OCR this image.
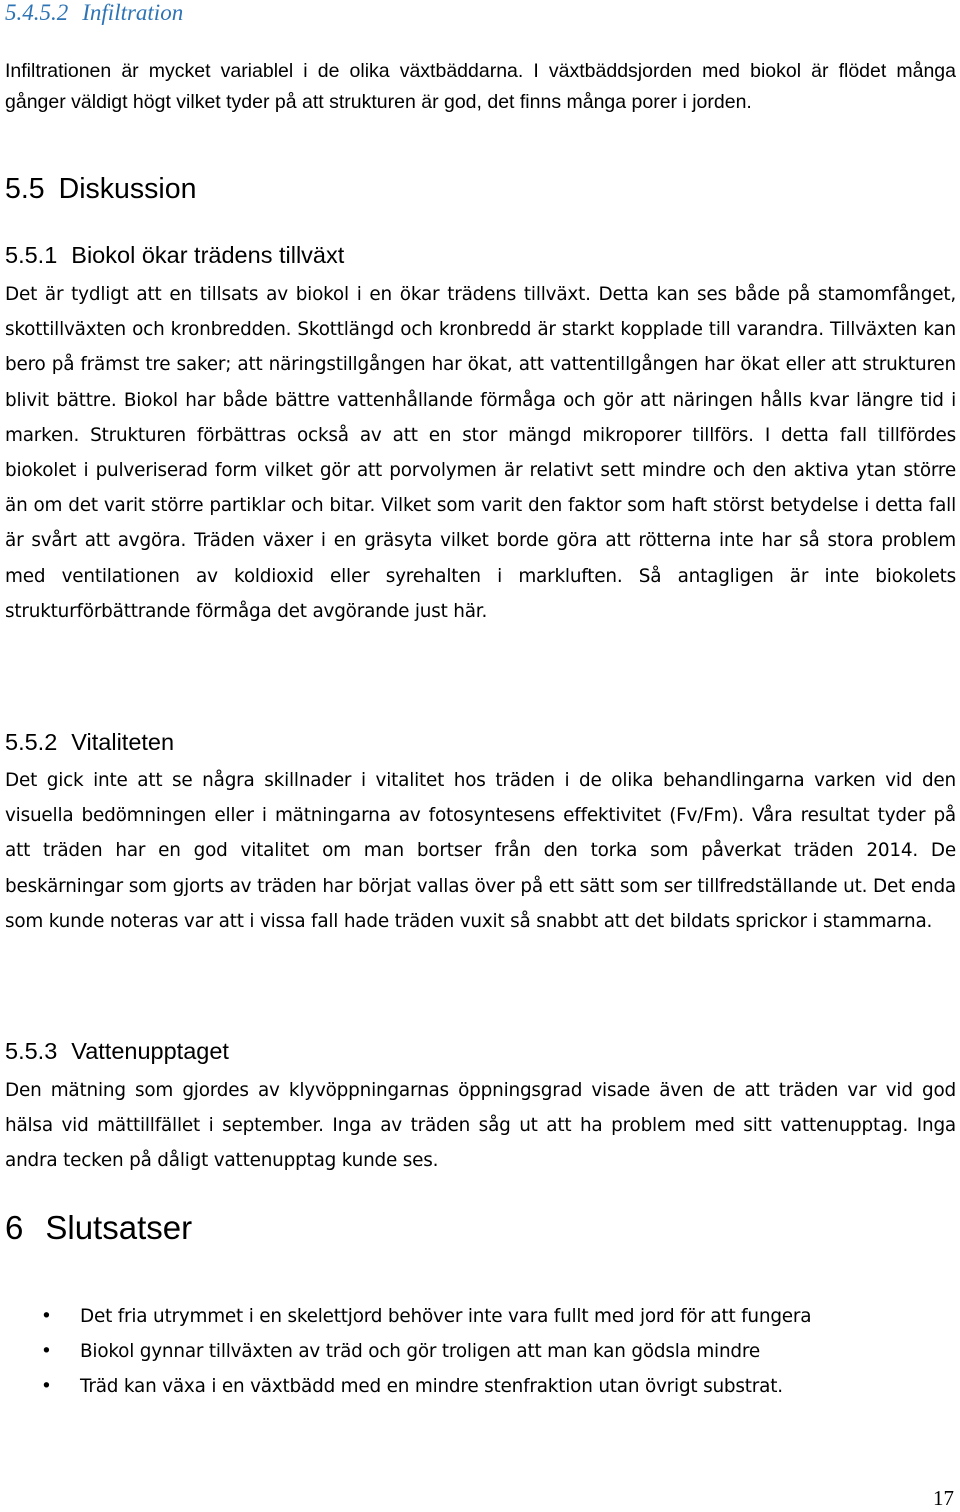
5.4.5.2 Infiltration
Infiltrationen är mycket variablel i de olika växtbäddarna. I växtbäddsjorden med biokol är flödet många gånger väldigt högt vilket tyder på att strukturen är god, det finns många porer i jorden.
5.5 Diskussion
5.5.1 Biokol ökar trädens tillväxt
Det är tydligt att en tillsats av biokol i en ökar trädens tillväxt. Detta kan ses både på stamomfånget, skottillväxten och kronbredden. Skottlängd och kronbredd är starkt kopplade till varandra. Tillväxten kan bero på främst tre saker; att näringstillgången har ökat, att vattentillgången har ökat eller att strukturen blivit bättre. Biokol har både bättre vattenhållande förmåga och gör att näringen hålls kvar längre tid i marken. Strukturen förbättras också av att en stor mängd mikroporer tillförs. I detta fall tillfördes biokolet i pulveriserad form vilket gör att porvolymen är relativt sett mindre och den aktiva ytan större än om det varit större partiklar och bitar. Vilket som varit den faktor som haft störst betydelse i detta fall är svårt att avgöra. Träden växer i en gräsyta vilket borde göra att rötterna inte har så stora problem med ventilationen av koldioxid eller syrehalten i markluften. Så antagligen är inte biokolets strukturförbättrande förmåga det avgörande just här.
5.5.2 Vitaliteten
Det gick inte att se några skillnader i vitalitet hos träden i de olika behandlingarna varken vid den visuella bedömningen eller i mätningarna av fotosyntesens effektivitet (Fv/Fm). Våra resultat tyder på att träden har en god vitalitet om man bortser från den torka som påverkat träden 2014. De beskärningar som gjorts av träden har börjat vallas över på ett sätt som ser tillfredställande ut. Det enda som kunde noteras var att i vissa fall hade träden vuxit så snabbt att det bildats sprickor i stammarna.
5.5.3 Vattenupptaget
Den mätning som gjordes av klyvöppningarnas öppningsgrad visade även de att träden var vid god hälsa vid mättillfället i september. Inga av träden såg ut att ha problem med sitt vattenupptag. Inga andra tecken på dåligt vattenupptag kunde ses.
6 Slutsatser
• Det fria utrymmet i en skelettjord behöver inte vara fullt med jord för att fungera
• Biokol gynnar tillväxten av träd och gör troligen att man kan gödsla mindre
• Träd kan växa i en växtbädd med en mindre stenfraktion utan övrigt substrat.
17
